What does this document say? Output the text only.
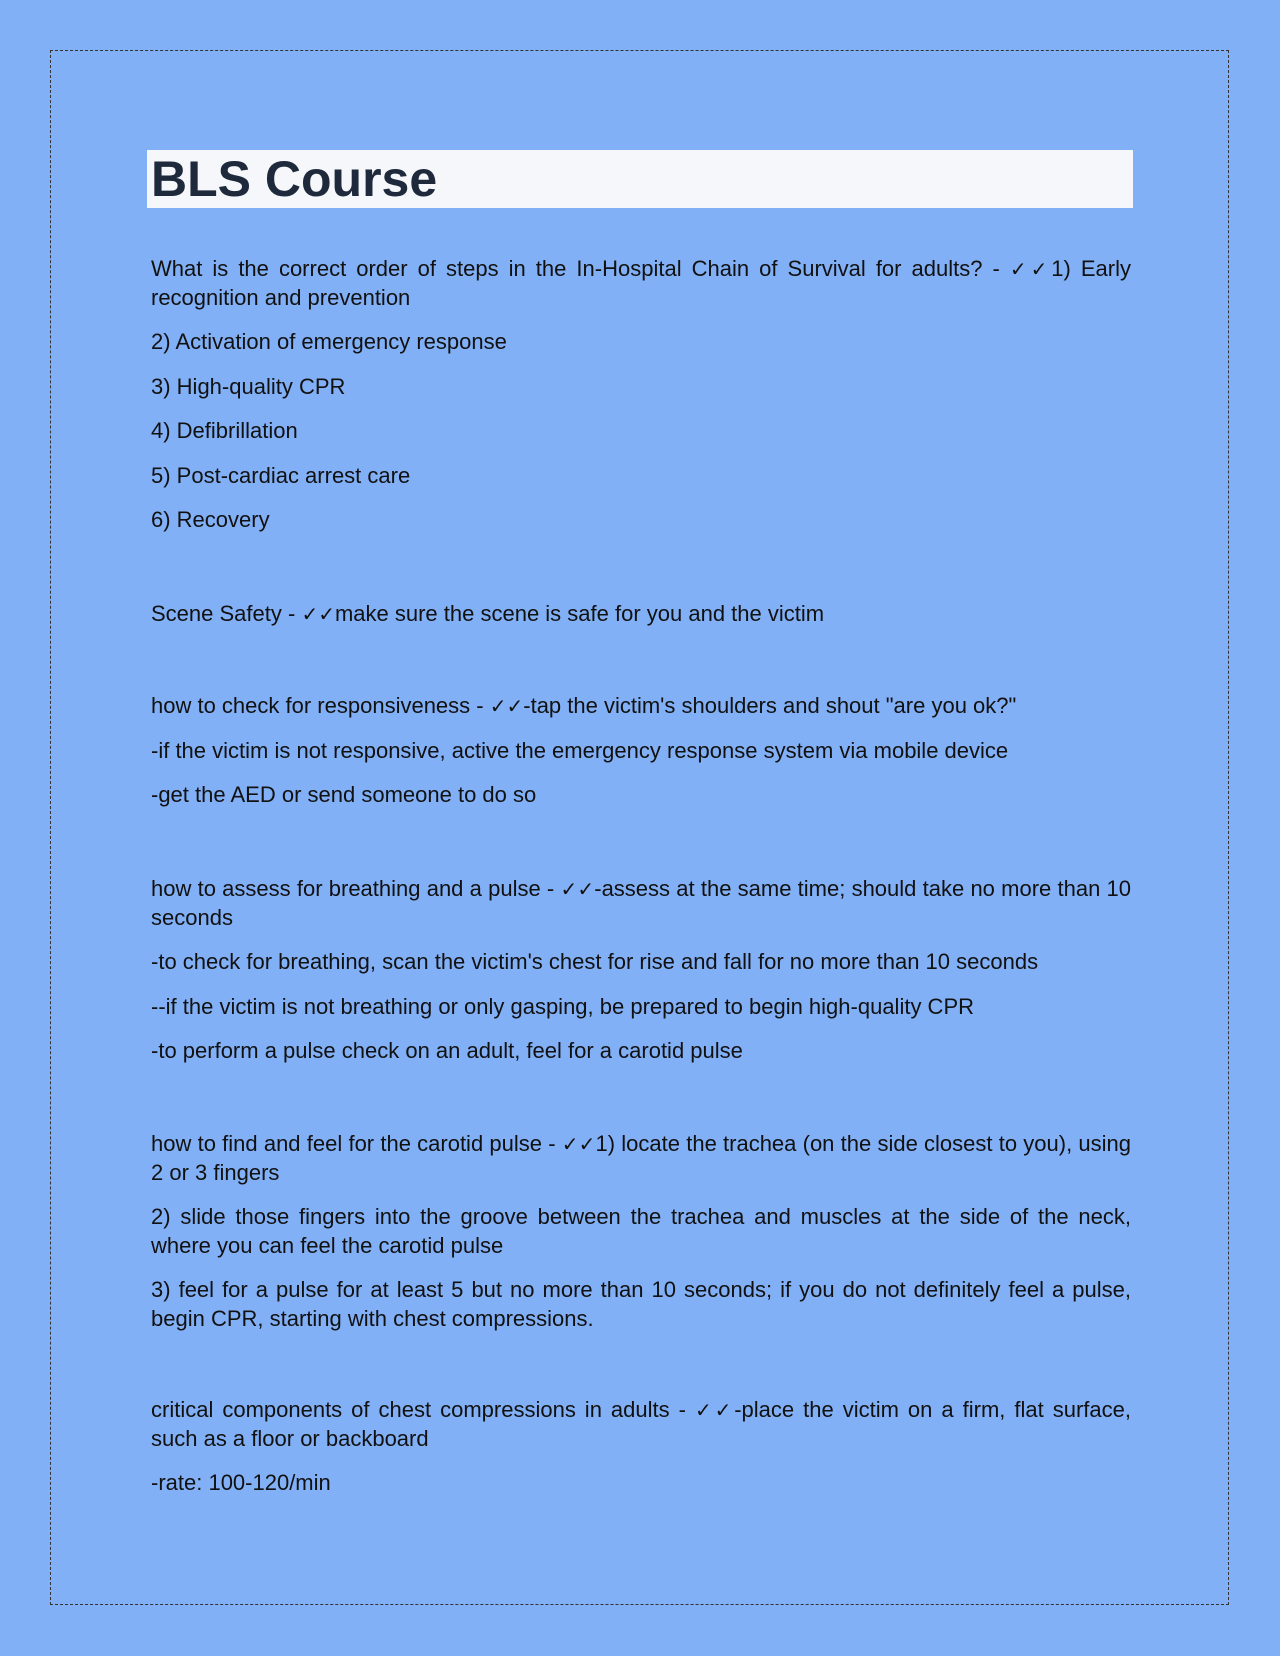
BLS Course

What is the correct order of steps in the In-Hospital Chain of Survival for adults? - ✓✓1) Early recognition and prevention

2) Activation of emergency response

3) High-quality CPR

4) Defibrillation

5) Post-cardiac arrest care

6) Recovery

Scene Safety - ✓✓make sure the scene is safe for you and the victim

how to check for responsiveness - ✓✓-tap the victim's shoulders and shout "are you ok?"

-if the victim is not responsive, active the emergency response system via mobile device

-get the AED or send someone to do so

how to assess for breathing and a pulse - ✓✓-assess at the same time; should take no more than 10 seconds

-to check for breathing, scan the victim's chest for rise and fall for no more than 10 seconds

--if the victim is not breathing or only gasping, be prepared to begin high-quality CPR

-to perform a pulse check on an adult, feel for a carotid pulse

how to find and feel for the carotid pulse - ✓✓1) locate the trachea (on the side closest to you), using 2 or 3 fingers

2) slide those fingers into the groove between the trachea and muscles at the side of the neck, where you can feel the carotid pulse

3) feel for a pulse for at least 5 but no more than 10 seconds; if you do not definitely feel a pulse, begin CPR, starting with chest compressions.

critical components of chest compressions in adults - ✓✓-place the victim on a firm, flat surface, such as a floor or backboard

-rate: 100-120/min
